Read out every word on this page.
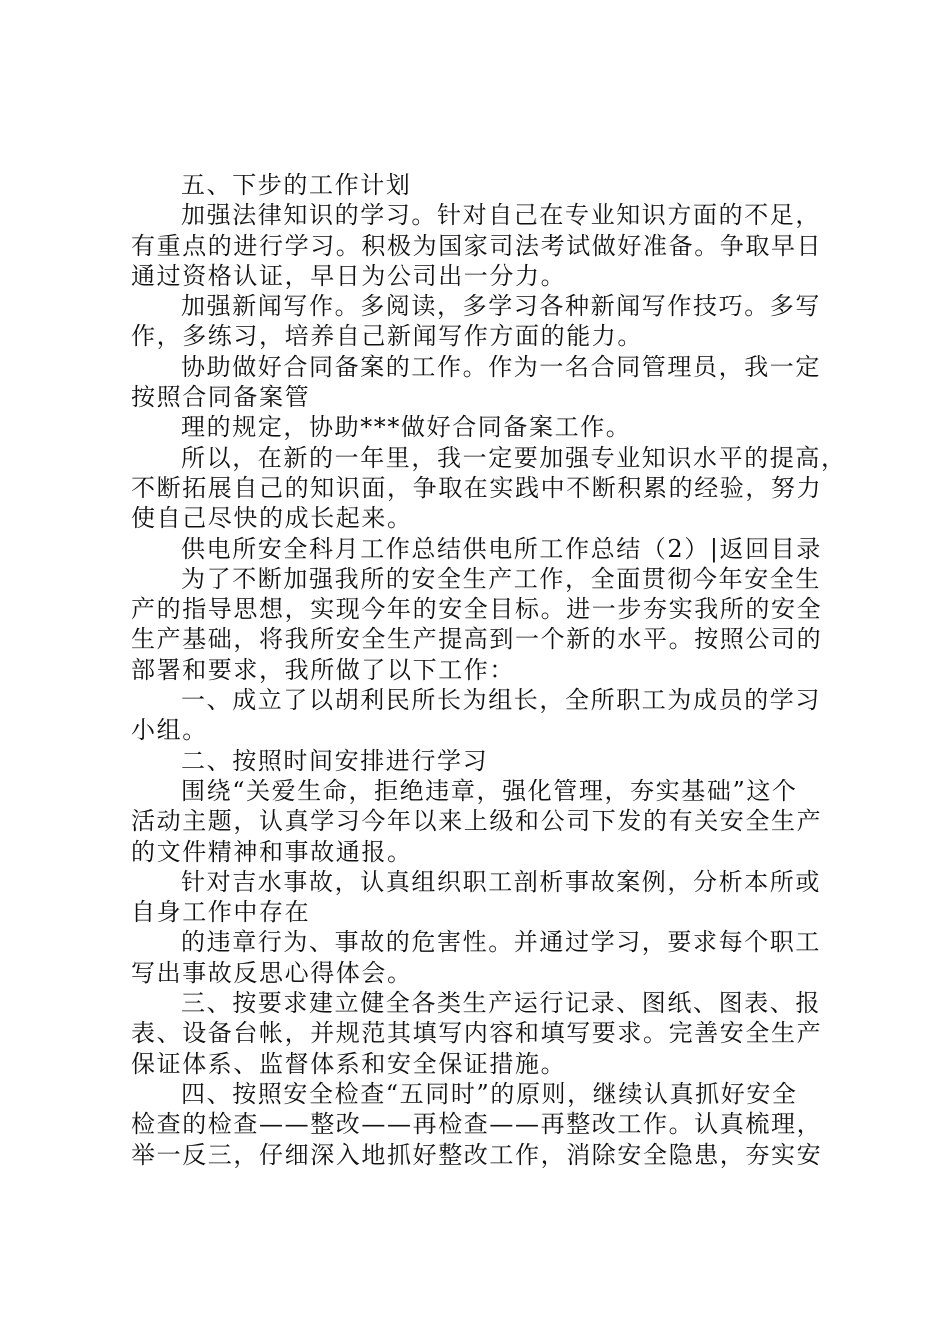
五、下步的工作计划
加强法律知识的学习。针对自己在专业知识方面的不足，
有重点的进行学习。积极为国家司法考试做好准备。争取早日
通过资格认证，早日为公司出一分力。
加强新闻写作。多阅读，多学习各种新闻写作技巧。多写
作，多练习，培养自己新闻写作方面的能力。
协助做好合同备案的工作。作为一名合同管理员，我一定
按照合同备案管
理的规定，协助***做好合同备案工作。
所以，在新的一年里，我一定要加强专业知识水平的提高，
不断拓展自己的知识面，争取在实践中不断积累的经验，努力
使自己尽快的成长起来。
供电所安全科月工作总结供电所工作总结（2）|返回目录
为了不断加强我所的安全生产工作，全面贯彻今年安全生
产的指导思想，实现今年的安全目标。进一步夯实我所的安全
生产基础，将我所安全生产提高到一个新的水平。按照公司的
部署和要求，我所做了以下工作：
一、成立了以胡利民所长为组长，全所职工为成员的学习
小组。
二、按照时间安排进行学习
围绕“关爱生命，拒绝违章，强化管理，夯实基础”这个
活动主题，认真学习今年以来上级和公司下发的有关安全生产
的文件精神和事故通报。
针对吉水事故，认真组织职工剖析事故案例，分析本所或
自身工作中存在
的违章行为、事故的危害性。并通过学习，要求每个职工
写出事故反思心得体会。
三、按要求建立健全各类生产运行记录、图纸、图表、报
表、设备台帐，并规范其填写内容和填写要求。完善安全生产
保证体系、监督体系和安全保证措施。
四、按照安全检查“五同时”的原则，继续认真抓好安全
检查的检查——整改——再检查——再整改工作。认真梳理，
举一反三，仔细深入地抓好整改工作，消除安全隐患，夯实安
